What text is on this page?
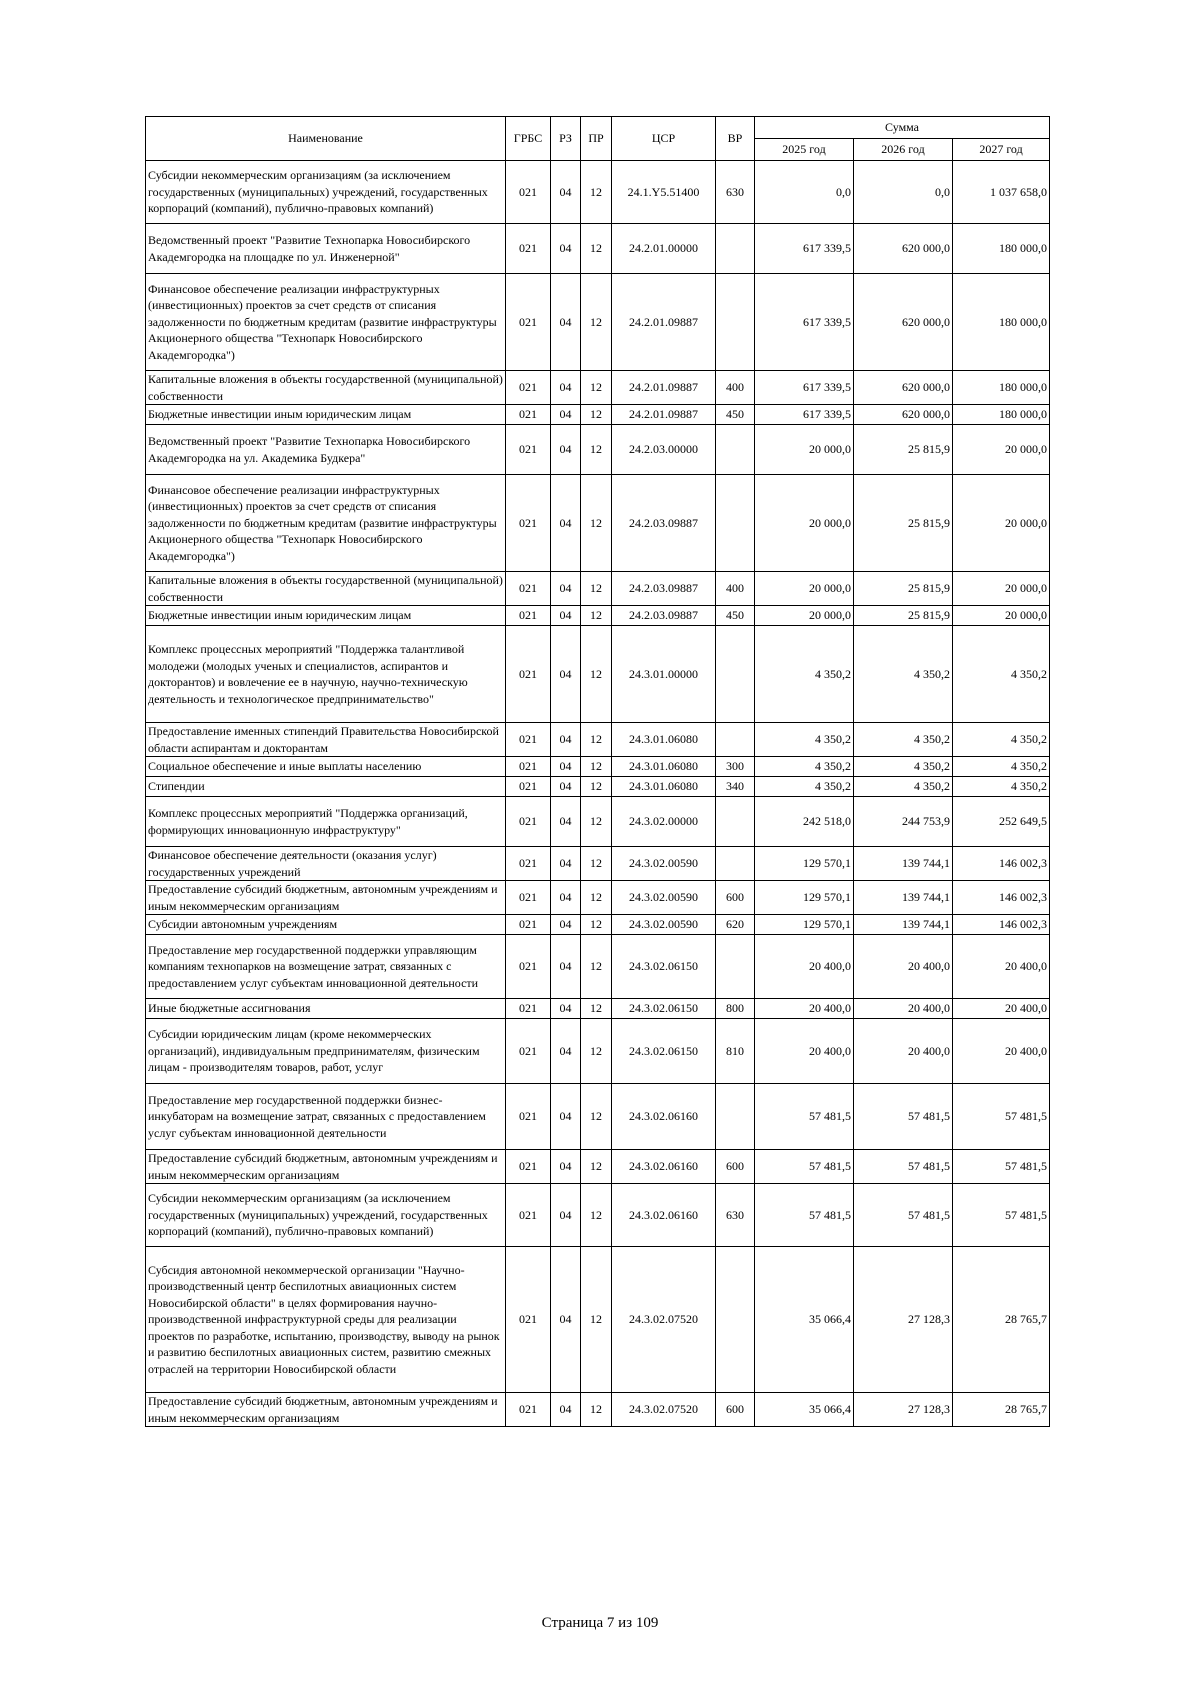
Наименование	ГРБС	РЗ	ПР	ЦСР	ВР	Сумма		
						2025 год	2026 год	2027 год
Субсидии некоммерческим организациям (за исключением государственных (муниципальных) учреждений, государственных корпораций (компаний), публично-правовых компаний)	021	04	12	24.1.Y5.51400	630	0,0	0,0	1 037 658,0
Ведомственный проект "Развитие Технопарка Новосибирского Академгородка на площадке по ул. Инженерной"	021	04	12	24.2.01.00000		617 339,5	620 000,0	180 000,0
Финансовое обеспечение реализации инфраструктурных (инвестиционных) проектов за счет средств от списания задолженности по бюджетным кредитам (развитие инфраструктуры Акционерного общества "Технопарк Новосибирского Академгородка")	021	04	12	24.2.01.09887		617 339,5	620 000,0	180 000,0
Капитальные вложения в объекты государственной (муниципальной) собственности	021	04	12	24.2.01.09887	400	617 339,5	620 000,0	180 000,0
Бюджетные инвестиции иным юридическим лицам	021	04	12	24.2.01.09887	450	617 339,5	620 000,0	180 000,0
Ведомственный проект "Развитие Технопарка Новосибирского Академгородка на ул. Академика Будкера"	021	04	12	24.2.03.00000		20 000,0	25 815,9	20 000,0
Финансовое обеспечение реализации инфраструктурных (инвестиционных) проектов за счет средств от списания задолженности по бюджетным кредитам (развитие инфраструктуры Акционерного общества "Технопарк Новосибирского Академгородка")	021	04	12	24.2.03.09887		20 000,0	25 815,9	20 000,0
Капитальные вложения в объекты государственной (муниципальной) собственности	021	04	12	24.2.03.09887	400	20 000,0	25 815,9	20 000,0
Бюджетные инвестиции иным юридическим лицам	021	04	12	24.2.03.09887	450	20 000,0	25 815,9	20 000,0
Комплекс процессных мероприятий "Поддержка талантливой молодежи (молодых ученых и специалистов, аспирантов и докторантов) и вовлечение ее в научную, научно-техническую деятельность и технологическое предпринимательство"	021	04	12	24.3.01.00000		4 350,2	4 350,2	4 350,2
Предоставление именных стипендий Правительства Новосибирской области аспирантам и докторантам	021	04	12	24.3.01.06080		4 350,2	4 350,2	4 350,2
Социальное обеспечение и иные выплаты населению	021	04	12	24.3.01.06080	300	4 350,2	4 350,2	4 350,2
Стипендии	021	04	12	24.3.01.06080	340	4 350,2	4 350,2	4 350,2
Комплекс процессных мероприятий "Поддержка организаций, формирующих инновационную инфраструктуру"	021	04	12	24.3.02.00000		242 518,0	244 753,9	252 649,5
Финансовое обеспечение деятельности (оказания услуг) государственных учреждений	021	04	12	24.3.02.00590		129 570,1	139 744,1	146 002,3
Предоставление субсидий бюджетным, автономным учреждениям и иным некоммерческим организациям	021	04	12	24.3.02.00590	600	129 570,1	139 744,1	146 002,3
Субсидии автономным учреждениям	021	04	12	24.3.02.00590	620	129 570,1	139 744,1	146 002,3
Предоставление мер государственной поддержки управляющим компаниям технопарков на возмещение затрат, связанных с предоставлением услуг субъектам инновационной деятельности	021	04	12	24.3.02.06150		20 400,0	20 400,0	20 400,0
Иные бюджетные ассигнования	021	04	12	24.3.02.06150	800	20 400,0	20 400,0	20 400,0
Субсидии юридическим лицам (кроме некоммерческих организаций), индивидуальным предпринимателям, физическим лицам - производителям товаров, работ, услуг	021	04	12	24.3.02.06150	810	20 400,0	20 400,0	20 400,0
Предоставление мер государственной поддержки бизнес-инкубаторам на возмещение затрат, связанных с предоставлением услуг субъектам инновационной деятельности	021	04	12	24.3.02.06160		57 481,5	57 481,5	57 481,5
Предоставление субсидий бюджетным, автономным учреждениям и иным некоммерческим организациям	021	04	12	24.3.02.06160	600	57 481,5	57 481,5	57 481,5
Субсидии некоммерческим организациям (за исключением государственных (муниципальных) учреждений, государственных корпораций (компаний), публично-правовых компаний)	021	04	12	24.3.02.06160	630	57 481,5	57 481,5	57 481,5
Субсидия автономной некоммерческой организации "Научно-производственный центр беспилотных авиационных систем Новосибирской области" в целях формирования научно-производственной инфраструктурной среды для реализации проектов по разработке, испытанию, производству, выводу на рынок и развитию беспилотных авиационных систем, развитию смежных отраслей на территории Новосибирской области	021	04	12	24.3.02.07520		35 066,4	27 128,3	28 765,7
Предоставление субсидий бюджетным, автономным учреждениям и иным некоммерческим организациям	021	04	12	24.3.02.07520	600	35 066,4	27 128,3	28 765,7
Страница 7 из 109
